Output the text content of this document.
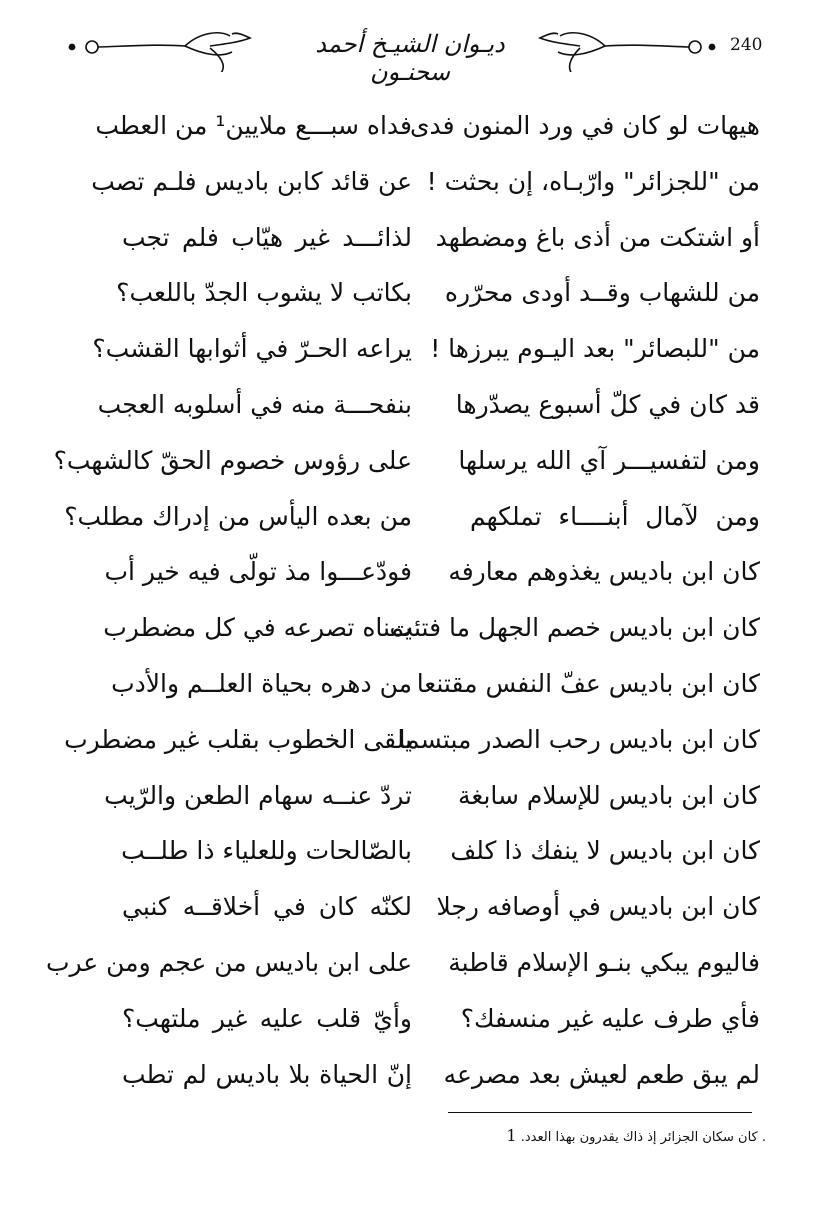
ديـوان الشيـخ أحمد سحنـون
240
هيهات لو كان في ورد المنون فدى
فداه سبـــع ملايين¹ من العطب
من "للجزائر" وارّبـاه، إن بحثت !
عن قائد كابن باديس فلـم تصب
أو اشتكت من أذى باغ ومضطهد
لذائـــد غير هيّاب فلم تجب
من للشهاب وقــد أودى محرّره
بكاتب لا يشوب الجدّ باللعب؟
من "للبصائر" بعد اليـوم يبرزها !
يراعه الحـرّ في أثوابها القشب؟
قد كان في كلّ أسبوع يصدّرها
بنفحـــة منه في أسلوبه العجب
ومن لتفسيـــر آي الله يرسلها
على رؤوس خصوم الحقّ كالشهب؟
ومن لآمال أبنــــاء تملكهم
من بعده اليأس من إدراك مطلب؟
كان ابن باديس يغذوهم معارفه
فودّعـــوا مذ تولّى فيه خير أب
كان ابن باديس خصم الجهل ما فتئت
يمناه تصرعه في كل مضطرب
كان ابن باديس عفّ النفس مقتنعا
من دهره بحياة العلــم والأدب
كان ابن باديس رحب الصدر مبتسما
يلقى الخطوب بقلب غير مضطرب
كان ابن باديس للإسلام سابغة
تردّ عنــه سهام الطعن والرّيب
كان ابن باديس لا ينفك ذا كلف
بالصّالحات وللعلياء ذا طلــب
كان ابن باديس في أوصافه رجلا
لكنّه كان في أخلاقــه كنبي
فاليوم يبكي بنـو الإسلام قاطبة
على ابن باديس من عجم ومن عرب
فأي طرف عليه غير منسفك؟
وأيّ قلب عليه غير ملتهب؟
لم يبق طعم لعيش بعد مصرعه
إنّ الحياة بلا باديس لم تطب
. كان سكان الجزائر إذ ذاك يقدرون بهذا العدد. 1
